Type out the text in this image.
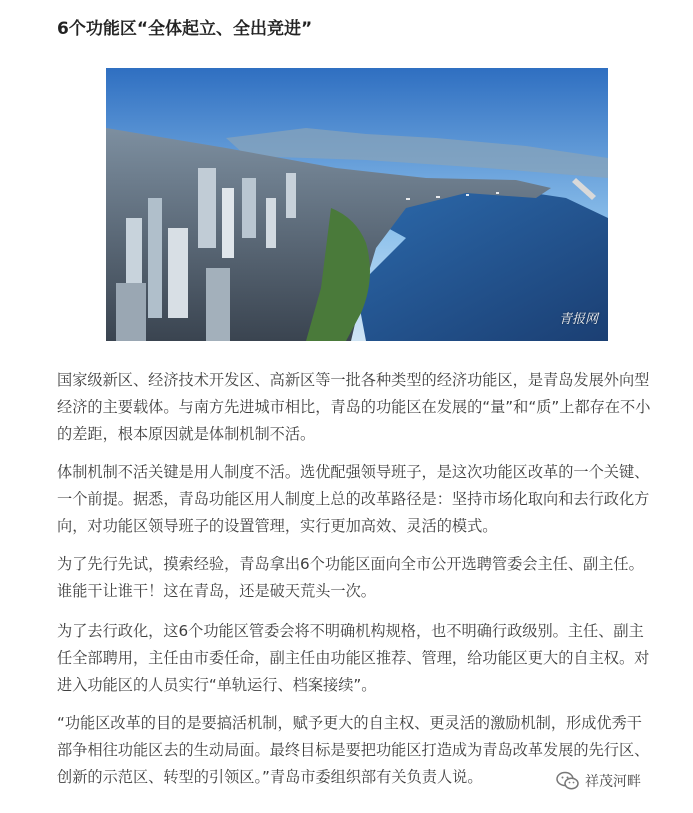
6个功能区“全体起立、全出竞进”
青报网

国家级新区、经济技术开发区、高新区等一批各种类型的经济功能区，是青岛发展外向型经济的主要载体。与南方先进城市相比，青岛的功能区在发展的“量”和“质”上都存在不小的差距，根本原因就是体制机制不活。

体制机制不活关键是用人制度不活。选优配强领导班子，是这次功能区改革的一个关键、一个前提。据悉，青岛功能区用人制度上总的改革路径是：坚持市场化取向和去行政化方向，对功能区领导班子的设置管理，实行更加高效、灵活的模式。

为了先行先试，摸索经验，青岛拿出6个功能区面向全市公开选聘管委会主任、副主任。谁能干让谁干！这在青岛，还是破天荒头一次。

为了去行政化，这6个功能区管委会将不明确机构规格，也不明确行政级别。主任、副主任全部聘用，主任由市委任命，副主任由功能区推荐、管理，给功能区更大的自主权。对进入功能区的人员实行“单轨运行、档案接续”。

“功能区改革的目的是要搞活机制，赋予更大的自主权、更灵活的激励机制，形成优秀干部争相往功能区去的生动局面。最终目标是要把功能区打造成为青岛改革发展的先行区、创新的示范区、转型的引领区。”青岛市委组织部有关负责人说。	祥茂河畔
